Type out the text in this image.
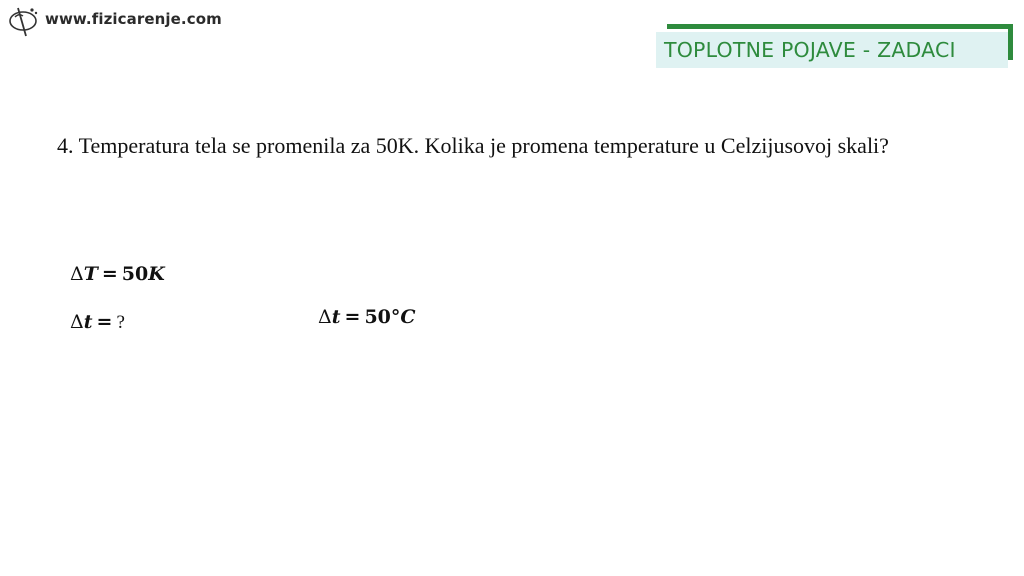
www.fizicarenje.com
TOPLOTNE POJAVE - ZADACI

4. Temperatura tela se promenila za 50K. Kolika je promena temperature u Celzijusovoj skali?

ΔT = 50K
Δt = ?	Δt = 50°C
